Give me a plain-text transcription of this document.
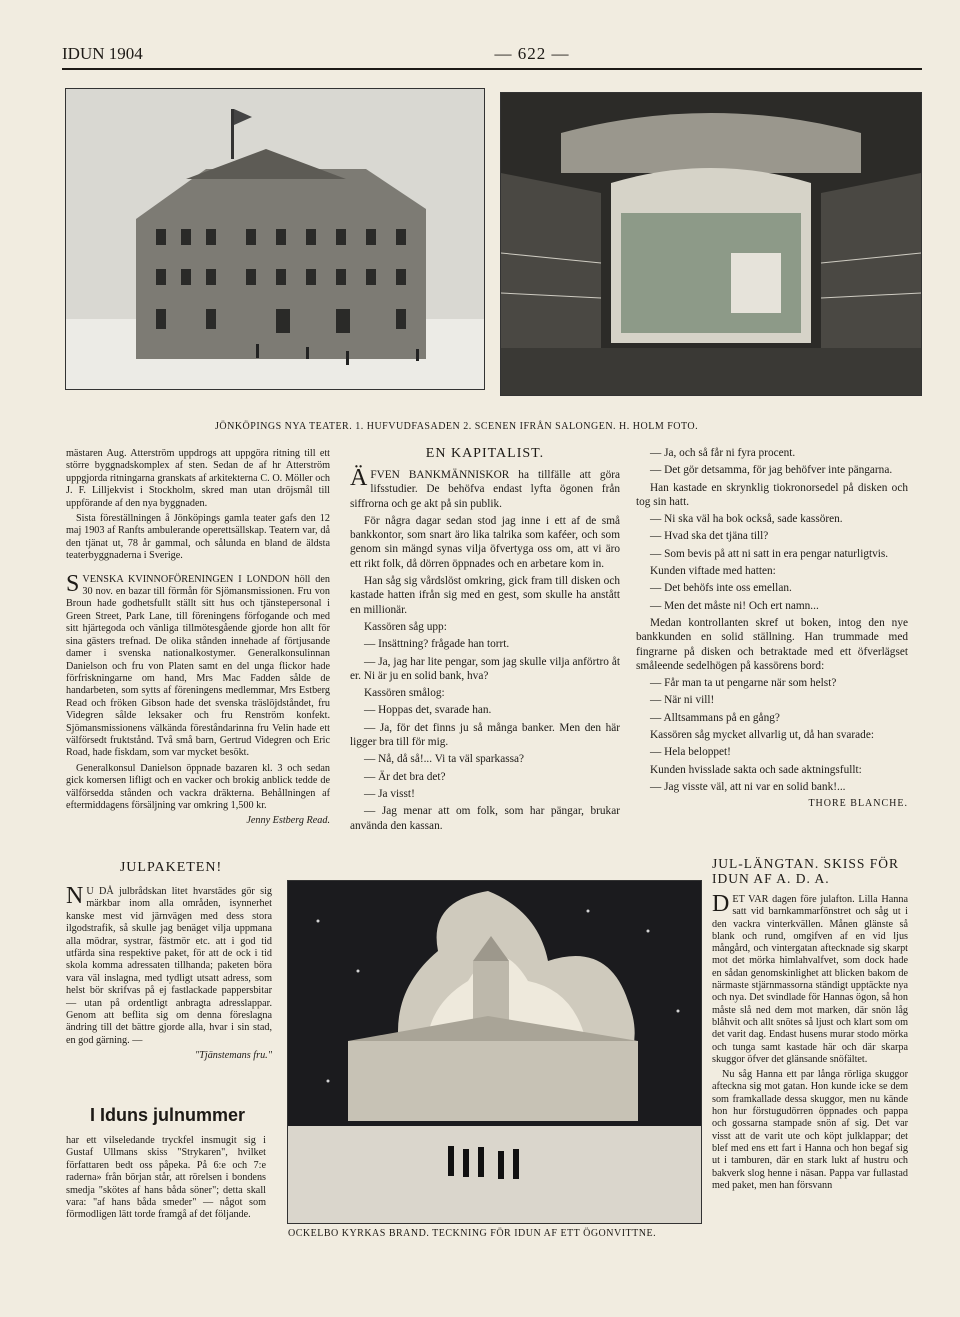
IDUN 1904	— 622 —
JÖNKÖPINGS NYA TEATER. 1. HUFVUDFASADEN 2. SCENEN IFRÅN SALONGEN. H. HOLM FOTO.

mästaren Aug. Atterström uppdrogs att uppgöra ritning till ett större byggnadskomplex af sten. Sedan de af hr Atterström uppgjorda ritningarna granskats af arkitekterna C. O. Möller och J. F. Lilljekvist i Stockholm, skred man utan dröjsmål till uppförande af den nya byggnaden.

Sista föreställningen å Jönköpings gamla teater gafs den 12 maj 1903 af Ranfts ambulerande operettsällskap. Teatern var, då den tjänat ut, 78 år gammal, och sålunda en bland de äldsta teaterbyggnaderna i Sverige.

SVENSKA KVINNOFÖRENINGEN I LONDON höll den 30 nov. en bazar till förmån för Sjömansmissionen. Fru von Broun hade godhetsfullt ställt sitt hus och tjänstepersonal i Green Street, Park Lane, till föreningens förfogande och med sitt hjärtegoda och vänliga tillmötesgående gjorde hon allt för sina gästers trefnad. De olika stånden innehade af förtjusande damer i svenska nationalkostymer. Generalkonsulinnan Danielson och fru von Platen samt en del unga flickor hade förfriskningarne om hand, Mrs Mac Fadden sålde de handarbeten, som sytts af föreningens medlemmar, Mrs Estberg Read och fröken Gibson hade det svenska träslöjdståndet, fru Videgren sålde leksaker och fru Renström konfekt. Sjömansmissionens välkända föreståndarinna fru Velin hade ett välförsedt fruktstånd. Två små barn, Gertrud Videgren och Eric Road, hade fiskdam, som var mycket besökt.

Generalkonsul Danielson öppnade bazaren kl. 3 och sedan gick komersen lifligt och en vacker och brokig anblick tedde de välförsedda stånden och vackra dräkterna. Behållningen af eftermiddagens försäljning var omkring 1,500 kr.

Jenny Estberg Read.

JULPAKETEN!

N U DÅ julbrådskan litet hvarstädes gör sig märkbar inom alla områden, isynnerhet kanske mest vid järnvägen med dess stora ilgodstrafik, så skulle jag benäget vilja uppmana alla mödrar, systrar, fästmör etc. att i god tid utfärda sina respektive paket, för att de ock i tid skola komma adressaten tillhanda; paketen böra vara väl inslagna, med tydligt utsatt adress, som helst bör skrifvas på ej fastlackade pappersbitar — utan på ordentligt anbragta adresslappar. Genom att beflita sig om denna föreslagna ändring till det bättre gjorde alla, hvar i sin stad, en god gärning. —

"Tjänstemans fru."

I Iduns julnummer

har ett vilseledande tryckfel insmugit sig i Gustaf Ullmans skiss "Strykaren", hvilket författaren bedt oss påpeka. På 6:e och 7:e raderna» från början står, att rörelsen i bondens smedja "skötes af hans båda söner"; detta skall vara: "af hans båda smeder" — något som förmodligen lätt torde framgå af det följande.

EN KAPITALIST.

ÄFVEN BANKMÄNNISKOR ha tillfälle att göra lifsstudier. De behöfva endast lyfta ögonen från siffrorna och ge akt på sin publik.

För några dagar sedan stod jag inne i ett af de små bankkontor, som snart äro lika talrika som kaféer, och som genom sin mängd synas vilja öfvertyga oss om, att vi äro ett rikt folk, då dörren öppnades och en arbetare kom in.

Han såg sig vårdslöst omkring, gick fram till disken och kastade hatten ifrån sig med en gest, som skulle ha anstått en millionär.

Kassören såg upp:

— Insättning? frågade han torrt.

— Ja, jag har lite pengar, som jag skulle vilja anförtro åt er. Ni är ju en solid bank, hva?

Kassören smålog:

— Hoppas det, svarade han.

— Ja, för det finns ju så många banker. Men den här ligger bra till för mig.

— Nå, då så!... Vi ta väl sparkassa?

— Är det bra det?

— Ja visst!

— Jag menar att om folk, som har pängar, brukar använda den kassan.

— Ja, och så får ni fyra procent.

— Det gör detsamma, för jag behöfver inte pängarna.

Han kastade en skrynklig tiokronorsedel på disken och tog sin hatt.

— Ni ska väl ha bok också, sade kassören.

— Hvad ska det tjäna till?

— Som bevis på att ni satt in era pengar naturligtvis.

Kunden viftade med hatten:

— Det behöfs inte oss emellan.

— Men det måste ni! Och ert namn...

Medan kontrollanten skref ut boken, intog den nye bankkunden en solid ställning. Han trummade med fingrarne på disken och betraktade med ett öfverlägset småleende sedelhögen på kassörens bord:

— Får man ta ut pengarne när som helst?

— När ni vill!

— Alltsammans på en gång?

Kassören såg mycket allvarlig ut, då han svarade:

— Hela beloppet!

Kunden hvisslade sakta och sade aktningsfullt:

— Jag visste väl, att ni var en solid bank!...

THORE BLANCHE.

JUL-LÄNGTAN. SKISS FÖR IDUN AF A. D. A.

DET VAR dagen före julafton. Lilla Hanna satt vid barnkammarfönstret och såg ut i den vackra vinterkvällen. Månen glänste så blank och rund, omgifven af en vid ljus mångård, och vintergatan aftecknade sig skarpt mot det mörka himlahvalfvet, som dock hade en sådan genomskinlighet att blicken bakom de närmaste stjärnmassorna ständigt upptäckte nya och nya. Det svindlade för Hannas ögon, så hon måste slå ned dem mot marken, där snön låg blåhvit och allt snötes så ljust och klart som om det varit dag. Endast husens murar stodo mörka och tunga samt kastade här och där skarpa skuggor öfver det glänsande snöfältet.

Nu såg Hanna ett par långa rörliga skuggor afteckna sig mot gatan. Hon kunde icke se dem som framkallade dessa skuggor, men nu kände hon hur förstugudörren öppnades och pappa och gossarna stampade snön af sig. Det var visst att de varit ute och köpt julklappar; det blef med ens ett fart i Hanna och hon begaf sig ut i tamburen, där en stark lukt af hustru och bakverk slog henne i näsan. Pappa var fullastad med paket, men han försvann

OCKELBO KYRKAS BRAND. TECKNING FÖR IDUN AF ETT ÖGONVITTNE.
